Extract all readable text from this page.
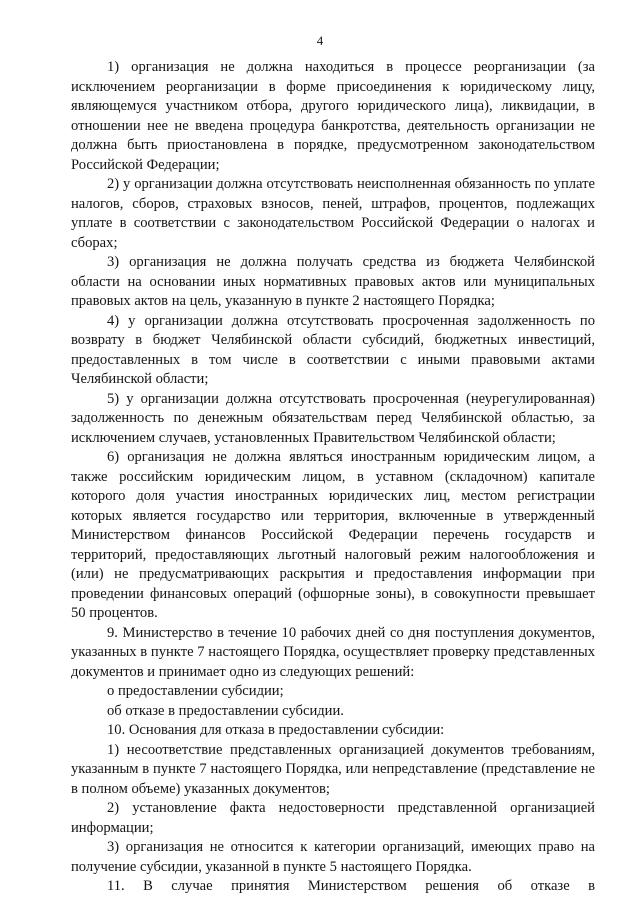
4

1) организация не должна находиться в процессе реорганизации (за исключением реорганизации в форме присоединения к юридическому лицу, являющемуся участником отбора, другого юридического лица), ликвидации, в отношении нее не введена процедура банкротства, деятельность организации не должна быть приостановлена в порядке, предусмотренном законодательством Российской Федерации;

2) у организации должна отсутствовать неисполненная обязанность по уплате налогов, сборов, страховых взносов, пеней, штрафов, процентов, подлежащих уплате в соответствии с законодательством Российской Федерации о налогах и сборах;

3) организация не должна получать средства из бюджета Челябинской области на основании иных нормативных правовых актов или муниципальных правовых актов на цель, указанную в пункте 2 настоящего Порядка;

4) у организации должна отсутствовать просроченная задолженность по возврату в бюджет Челябинской области субсидий, бюджетных инвестиций, предоставленных в том числе в соответствии с иными правовыми актами Челябинской области;

5) у организации должна отсутствовать просроченная (неурегулированная) задолженность по денежным обязательствам перед Челябинской областью, за исключением случаев, установленных Правительством Челябинской области;

6) организация не должна являться иностранным юридическим лицом, а также российским юридическим лицом, в уставном (складочном) капитале которого доля участия иностранных юридических лиц, местом регистрации которых является государство или территория, включенные в утвержденный Министерством финансов Российской Федерации перечень государств и территорий, предоставляющих льготный налоговый режим налогообложения и (или) не предусматривающих раскрытия и предоставления информации при проведении финансовых операций (офшорные зоны), в совокупности превышает 50 процентов.

9. Министерство в течение 10 рабочих дней со дня поступления документов, указанных в пункте 7 настоящего Порядка, осуществляет проверку представленных документов и принимает одно из следующих решений:

о предоставлении субсидии;

об отказе в предоставлении субсидии.

10. Основания для отказа в предоставлении субсидии:

1) несоответствие представленных организацией документов требованиям, указанным в пункте 7 настоящего Порядка, или непредставление (представление не в полном объеме) указанных документов;

2) установление факта недостоверности представленной организацией информации;

3) организация не относится к категории организаций, имеющих право на получение субсидии, указанной в пункте 5 настоящего Порядка.

11. В случае принятия Министерством решения об отказе в
